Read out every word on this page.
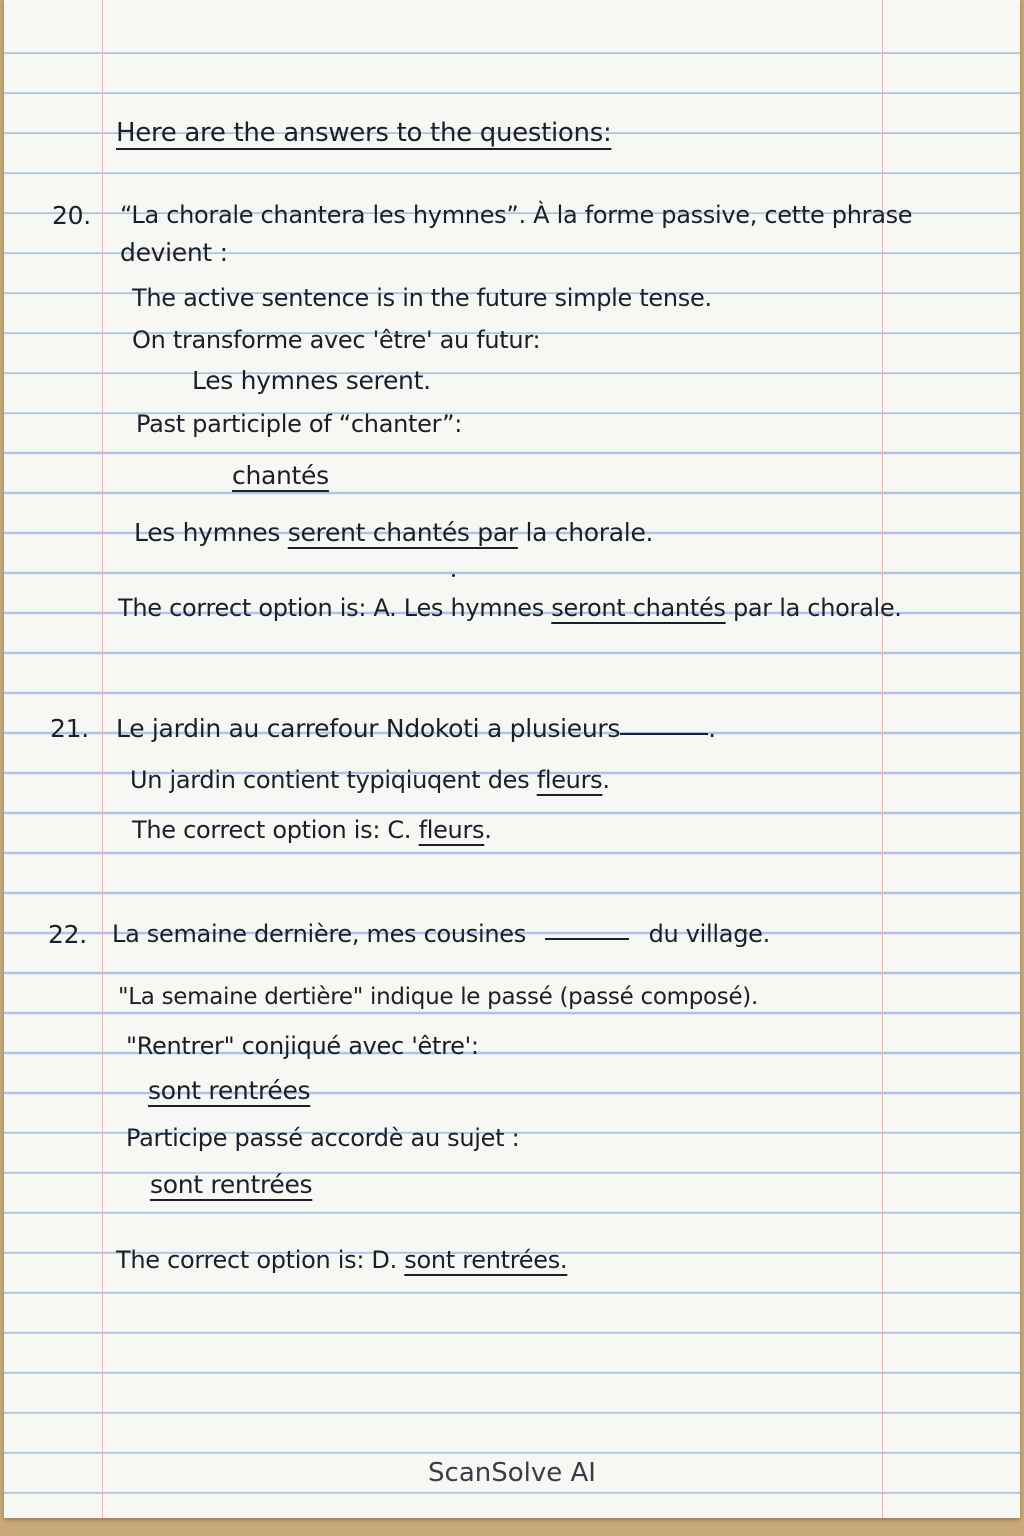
Here are the answers to the questions:
20. “La chorale chantera les hymnes”. À la forme passive, cette phrase
devient :
The active sentence is in the future simple tense.
On transforme avec 'être' au futur:
Les hymnes serent.
Past participle of “chanter”:
chantés
Les hymnes serent chantés par la chorale.
The correct option is: A. Les hymnes seront chantés par la chorale.
21. Le jardin au carrefour Ndokoti a plusieurs	.
Un jardin contient typiqiuqent des fleurs.
The correct option is: C. fleurs.
22. La semaine dernière, mes cousines	du village.
"La semaine dertière" indique le passé (passé composé).
"Rentrer" conjiqué avec 'être':
sont rentrées
Participe passé accordè au sujet :
sont rentrées
The correct option is: D. sont rentrées.
ScanSolve AI
